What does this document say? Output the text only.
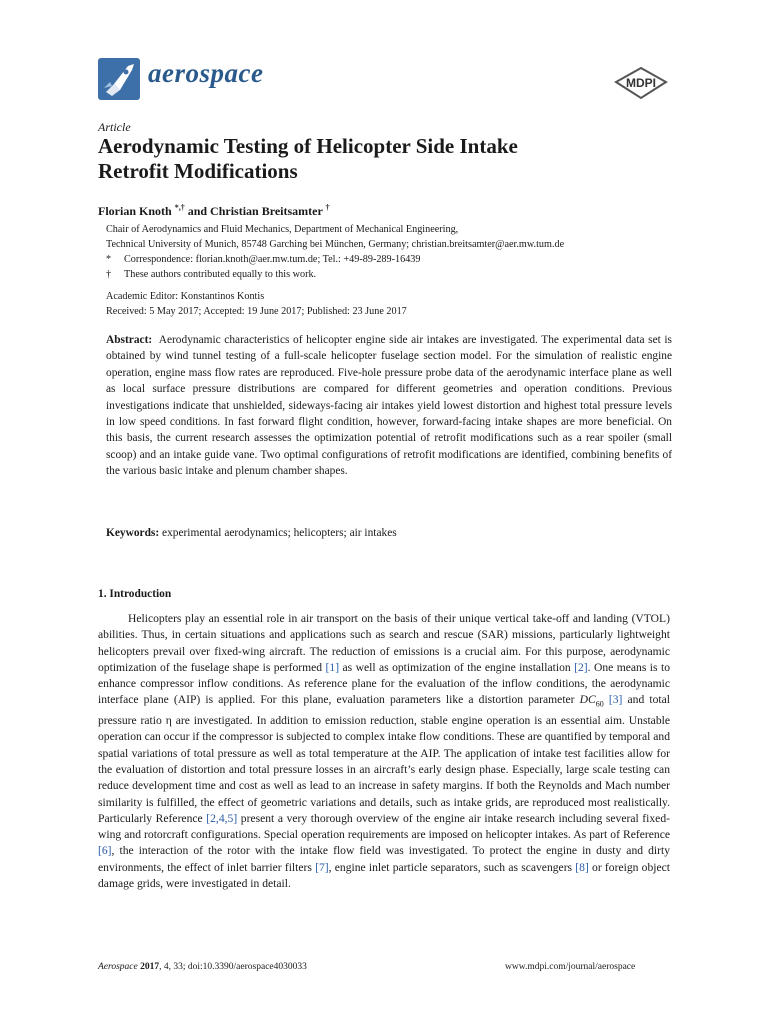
aerospace	MDPI
Article
Aerodynamic Testing of Helicopter Side Intake
Retrofit Modifications
Florian Knoth *,† and Christian Breitsamter †
Chair of Aerodynamics and Fluid Mechanics, Department of Mechanical Engineering,
Technical University of Munich, 85748 Garching bei München, Germany; christian.breitsamter@aer.mw.tum.de
* Correspondence: florian.knoth@aer.mw.tum.de; Tel.: +49-89-289-16439
† These authors contributed equally to this work.
Academic Editor: Konstantinos Kontis
Received: 5 May 2017; Accepted: 19 June 2017; Published: 23 June 2017
Abstract: Aerodynamic characteristics of helicopter engine side air intakes are investigated. The experimental data set is obtained by wind tunnel testing of a full-scale helicopter fuselage section model. For the simulation of realistic engine operation, engine mass flow rates are reproduced. Five-hole pressure probe data of the aerodynamic interface plane as well as local surface pressure distributions are compared for different geometries and operation conditions. Previous investigations indicate that unshielded, sideways-facing air intakes yield lowest distortion and highest total pressure levels in low speed conditions. In fast forward flight condition, however, forward-facing intake shapes are more beneficial. On this basis, the current research assesses the optimization potential of retrofit modifications such as a rear spoiler (small scoop) and an intake guide vane. Two optimal configurations of retrofit modifications are identified, combining benefits of the various basic intake and plenum chamber shapes.
Keywords: experimental aerodynamics; helicopters; air intakes
1. Introduction
Helicopters play an essential role in air transport on the basis of their unique vertical take-off and landing (VTOL) abilities. Thus, in certain situations and applications such as search and rescue (SAR) missions, particularly lightweight helicopters prevail over fixed-wing aircraft. The reduction of emissions is a crucial aim. For this purpose, aerodynamic optimization of the fuselage shape is performed [1] as well as optimization of the engine installation [2]. One means is to enhance compressor inflow conditions. As reference plane for the evaluation of the inflow conditions, the aerodynamic interface plane (AIP) is applied. For this plane, evaluation parameters like a distortion parameter $DC_{60}$ [3] and total pressure ratio η are investigated. In addition to emission reduction, stable engine operation is an essential aim. Unstable operation can occur if the compressor is subjected to complex intake flow conditions. These are quantified by temporal and spatial variations of total pressure as well as total temperature at the AIP. The application of intake test facilities allow for the evaluation of distortion and total pressure losses in an aircraft’s early design phase. Especially, large scale testing can reduce development time and cost as well as lead to an increase in safety margins. If both the Reynolds and Mach number similarity is fulfilled, the effect of geometric variations and details, such as intake grids, are reproduced most realistically. Particularly Reference [2,4,5] present a very thorough overview of the engine air intake research including several fixed-wing and rotorcraft configurations. Special operation requirements are imposed on helicopter intakes. As part of Reference [6], the interaction of the rotor with the intake flow field was investigated. To protect the engine in dusty and dirty environments, the effect of inlet barrier filters [7], engine inlet particle separators, such as scavengers [8] or foreign object damage grids, were investigated in detail.
Aerospace 2017, 4, 33; doi:10.3390/aerospace4030033	www.mdpi.com/journal/aerospace
